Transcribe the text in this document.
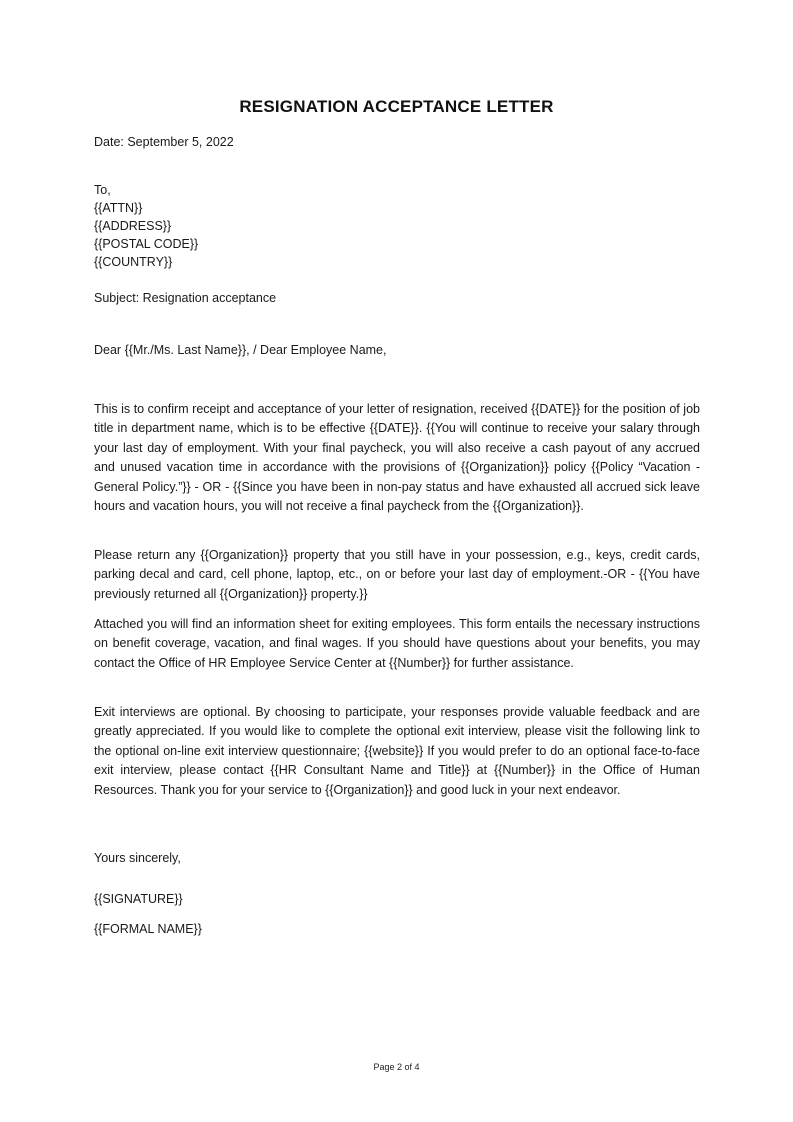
RESIGNATION ACCEPTANCE LETTER
Date: September 5, 2022
To,
{{ATTN}}
{{ADDRESS}}
{{POSTAL CODE}}
{{COUNTRY}}
Subject: Resignation acceptance
Dear {{Mr./Ms. Last Name}}, / Dear Employee Name,
This is to confirm receipt and acceptance of your letter of resignation, received {{DATE}} for the position of job title in department name, which is to be effective {{DATE}}. {{You will continue to receive your salary through your last day of employment. With your final paycheck, you will also receive a cash payout of any accrued and unused vacation time in accordance with the provisions of {{Organization}} policy {{Policy “Vacation - General Policy.”}} - OR - {{Since you have been in non-pay status and have exhausted all accrued sick leave hours and vacation hours, you will not receive a final paycheck from the {{Organization}}.
Please return any {{Organization}} property that you still have in your possession, e.g., keys, credit cards, parking decal and card, cell phone, laptop, etc., on or before your last day of employment.-OR - {{You have previously returned all {{Organization}} property.}}
Attached you will find an information sheet for exiting employees. This form entails the necessary instructions on benefit coverage, vacation, and final wages. If you should have questions about your benefits, you may contact the Office of HR Employee Service Center at {{Number}} for further assistance.
Exit interviews are optional. By choosing to participate, your responses provide valuable feedback and are greatly appreciated. If you would like to complete the optional exit interview, please visit the following link to the optional on-line exit interview questionnaire; {{website}} If you would prefer to do an optional face-to-face exit interview, please contact {{HR Consultant Name and Title}} at {{Number}} in the Office of Human Resources. Thank you for your service to {{Organization}} and good luck in your next endeavor.
Yours sincerely,
{{SIGNATURE}}
{{FORMAL NAME}}
Page 2 of 4
